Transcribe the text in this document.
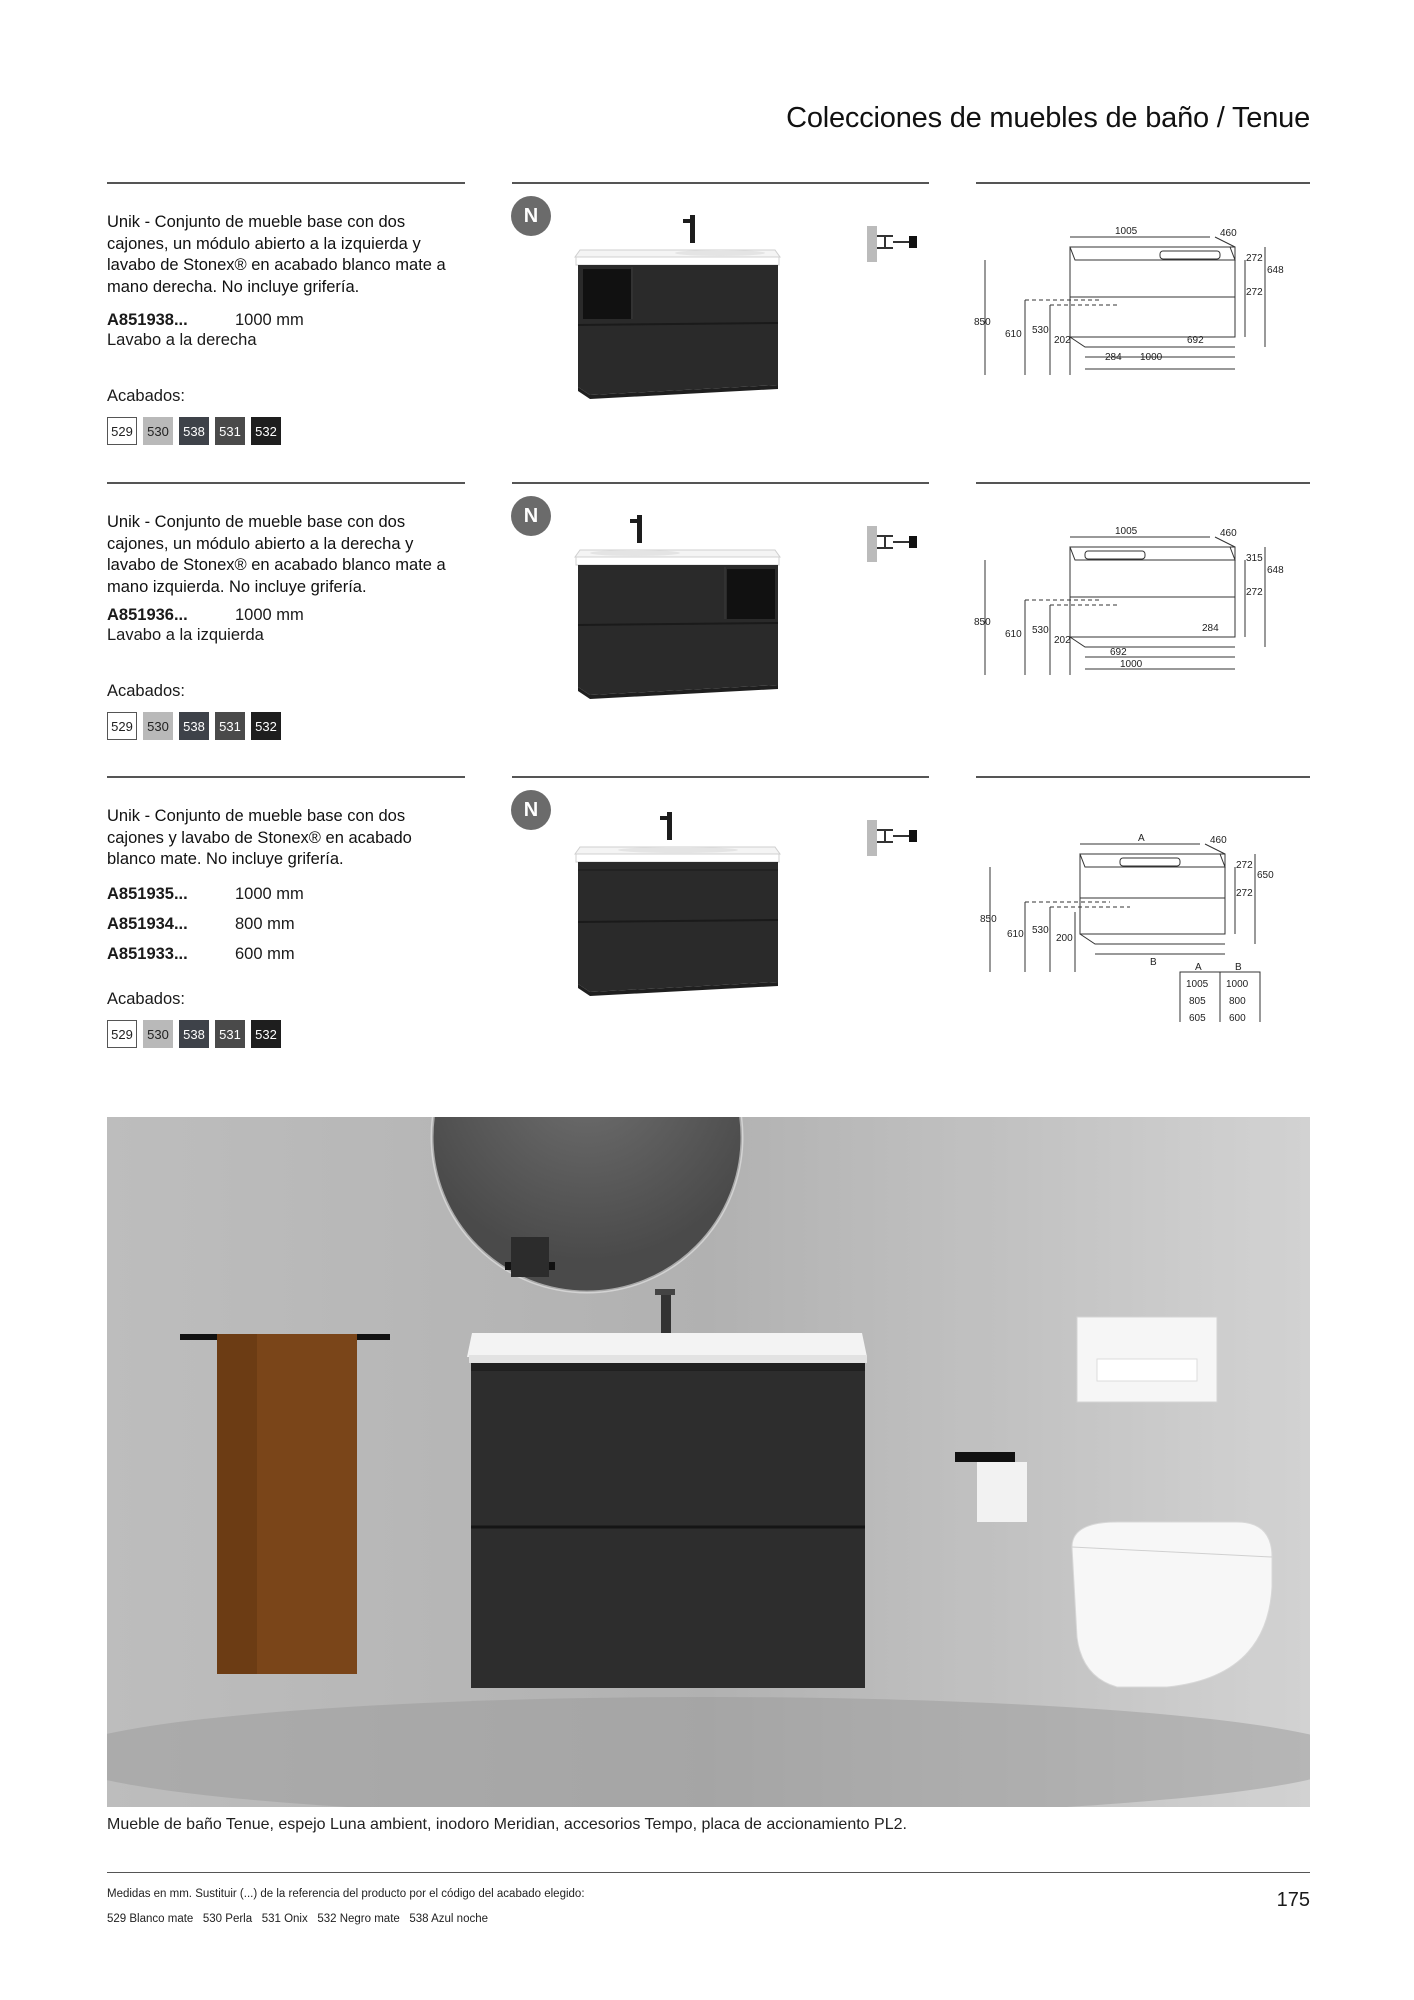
Colecciones de muebles de baño / Tenue
Unik - Conjunto de mueble base con dos
cajones, un módulo abierto a la izquierda y
lavabo de Stonex® en acabado blanco mate a
mano derecha. No incluye grifería.
A851938...	1000 mm
Lavabo a la derecha
Acabados:
529	530	538	531	532
N
1005	460
272
648
272
850
610 530
202	692
284 1000
Unik - Conjunto de mueble base con dos
cajones, un módulo abierto a la derecha y
lavabo de Stonex® en acabado blanco mate a
mano izquierda. No incluye grifería.
A851936...	1000 mm
Lavabo a la izquierda
Acabados:
529	530	538	531	532
N
1005	460
315
648
272
850
610 530
202
284
692
1000
Unik - Conjunto de mueble base con dos
cajones y lavabo de Stonex® en acabado
blanco mate. No incluye grifería.
A851935...	1000 mm
A851934...	800 mm
A851933...	600 mm
Acabados:
529	530	538	531	532
N
A	460
272
650
272
850
610 530
200
B	A	B
1005 1000
805 800
605 600
Mueble de baño Tenue, espejo Luna ambient, inodoro Meridian, accesorios Tempo, placa de accionamiento PL2.
Medidas en mm. Sustituir (...) de la referencia del producto por el código del acabado elegido:
529 Blanco mate   530 Perla   531 Onix   532 Negro mate   538 Azul noche
175
